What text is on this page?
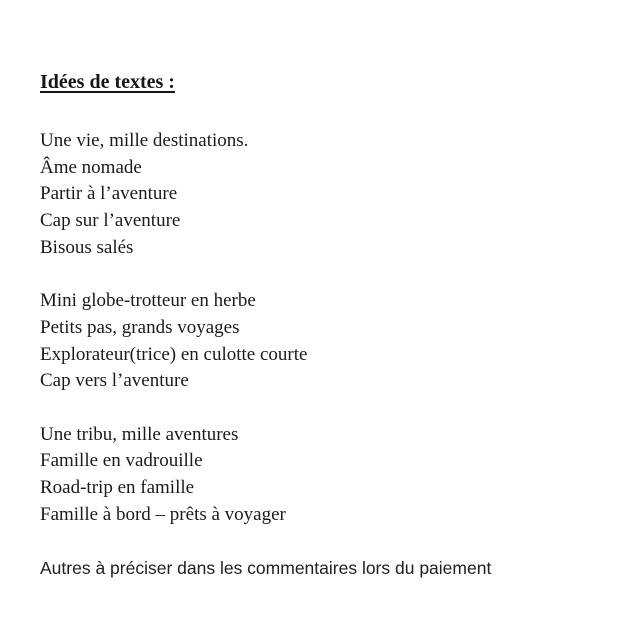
Idées de textes :
Une vie, mille destinations.
Âme nomade
Partir à l’aventure
Cap sur l’aventure
Bisous salés
Mini globe-trotteur en herbe
Petits pas, grands voyages
Explorateur(trice) en culotte courte
Cap vers l’aventure
Une tribu, mille aventures
Famille en vadrouille
Road-trip en famille
Famille à bord – prêts à voyager
Autres à préciser dans les commentaires lors du paiement
